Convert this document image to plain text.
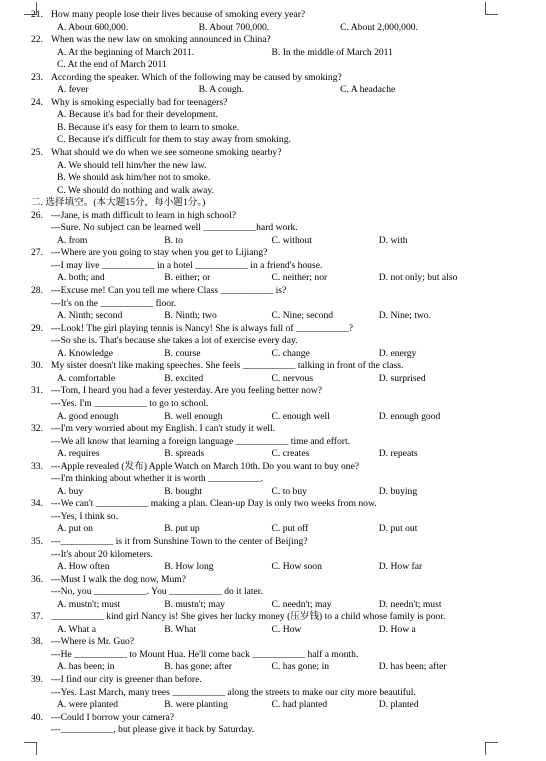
21. How many people lose their lives because of smoking every year?
A. About 600,000.	B. About 700,000.	C. About 2,000,000.
22. When was the new law on smoking announced in China?
A. At the beginning of March 2011.	B. In the middle of March 2011
C. At the end of March 2011
23. According the speaker. Which of the following may be caused by smoking?
A. fever	B. A cough.	C. A headache
24. Why is smoking especially bad for teenagers?
A. Because it's bad for their development.
B. Because it's easy for them to learn to smoke.
C. Because it's difficult for them to stay away from smoking.
25. What should we do when we see someone smoking nearby?
A. We should tell him/her the new law.
B. We should ask him/her not to smoke.
C. We should do nothing and walk away.
二. 选择填空。(本大题15分，每小题1分。)
26. ---Jane, is math difficult to learn in high school?
---Sure. No subject can be learned well ___________hard work.
A. from	B. to	C. without	D. with
27. ---Where are you going to stay when you get to Lijiang?
---I may live ___________ in a hotel ___________ in a friend's house.
A. both; and	B. either; or	C. neither; nor	D. not only; but also
28. ---Excuse me! Can you tell me where Class ___________ is?
---It's on the ___________ floor.
A. Ninth; second	B. Ninth; two	C. Nine; second	D. Nine; two.
29. ---Look! The girl playing tennis is Nancy! She is always full of ___________?
---So she is. That's because she takes a lot of exercise every day.
A. Knowledge	B. course	C. change	D. energy
30. My sister doesn't like making speeches. She feels ___________ talking in front of the class.
A. comfortable	B. excited	C. nervous	D. surprised
31. ---Tom, I heard you had a fever yesterday. Are you feeling better now?
---Yes. I'm ___________ to go to school.
A. good enough	B. well enough	C. enough well	D. enough good
32. ---I'm very worried about my English. I can't study it well.
---We all know that learning a foreign language ___________ time and effort.
A. requires	B. spreads	C. creates	D. repeats
33. ---Apple revealed (发布) Apple Watch on March 10th. Do you want to buy one?
---I'm thinking about whether it is worth ___________.
A. buy	B. bought	C. to buy	D. buying
34. ---We can't ___________ making a plan. Clean-up Day is only two weeks from now.
---Yes, I think so.
A. put on	B. put up	C. put off	D. put out
35. ---___________ is it from Sunshine Town to the center of Beijing?
---It's about 20 kilometers.
A. How often	B. How long	C. How soon	D. How far
36. ---Must I walk the dog now, Mum?
---No, you ___________. You ___________ do it later.
A. mustn't; must	B. mustn't; may	C. needn't; may	D. needn't; must
37. ___________ kind girl Nancy is! She gives her lucky money (压岁钱) to a child whose family is poor.
A. What a	B. What	C. How	D. How a
38. ---Where is Mr. Guo?
---He ___________ to Mount Hua. He'll come back ___________ half a month.
A. has been; in	B. has gone; after	C. has gone; in	D. has been; after
39. ---I find our city is greener than before.
---Yes. Last March, many trees ___________ along the streets to make our city more beautiful.
A. were planted	B. were planting	C. had planted	D. planted
40. ---Could I borrow your camera?
---___________, but please give it back by Saturday.
